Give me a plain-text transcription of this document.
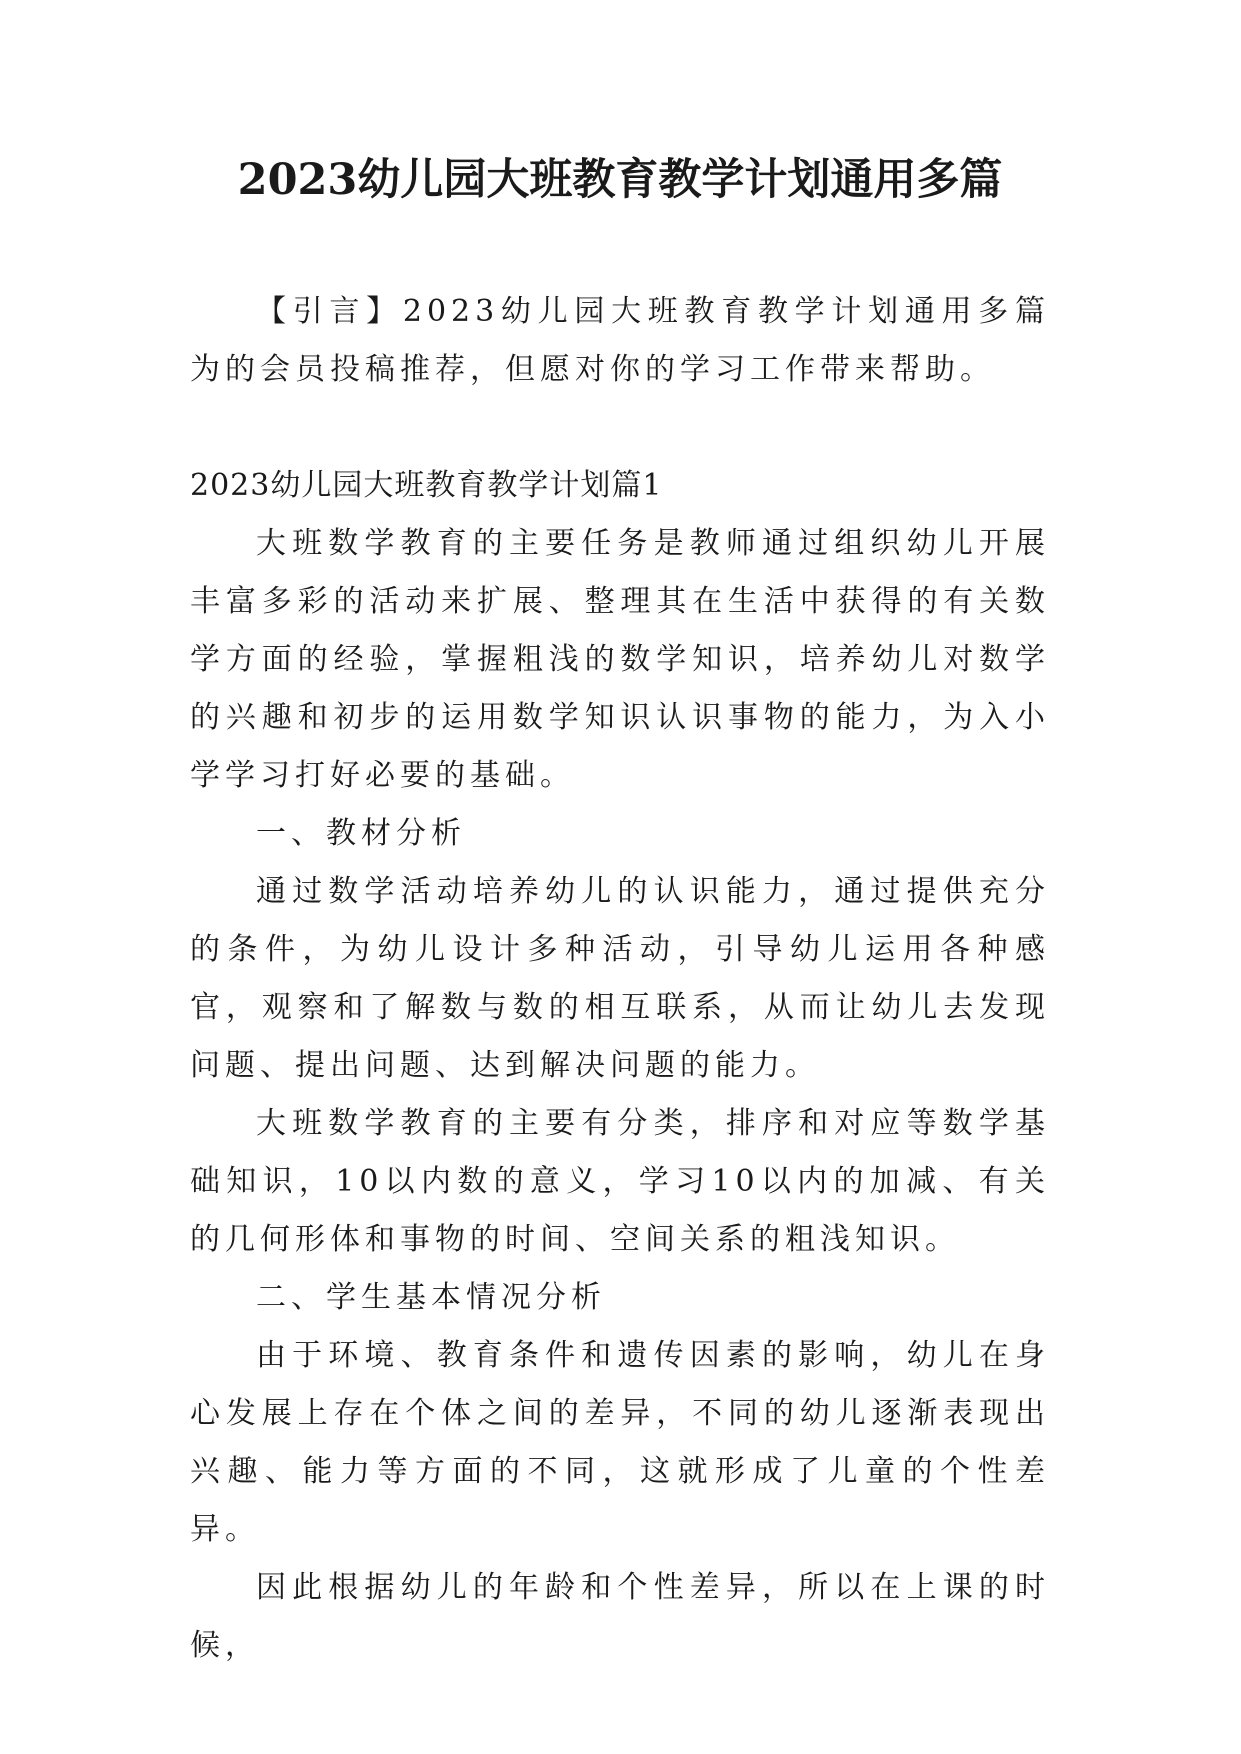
2023幼儿园大班教育教学计划通用多篇

【引言】2023幼儿园大班教育教学计划通用多篇为的会员投稿推荐，但愿对你的学习工作带来帮助。

2023幼儿园大班教育教学计划篇1

大班数学教育的主要任务是教师通过组织幼儿开展丰富多彩的活动来扩展、整理其在生活中获得的有关数学方面的经验，掌握粗浅的数学知识，培养幼儿对数学的兴趣和初步的运用数学知识认识事物的能力，为入小学学习打好必要的基础。

一、教材分析

通过数学活动培养幼儿的认识能力，通过提供充分的条件，为幼儿设计多种活动，引导幼儿运用各种感官，观察和了解数与数的相互联系，从而让幼儿去发现问题、提出问题、达到解决问题的能力。

大班数学教育的主要有分类，排序和对应等数学基础知识，10以内数的意义，学习10以内的加减、有关的几何形体和事物的时间、空间关系的粗浅知识。

二、学生基本情况分析

由于环境、教育条件和遗传因素的影响，幼儿在身心发展上存在个体之间的差异，不同的幼儿逐渐表现出兴趣、能力等方面的不同，这就形成了儿童的个性差异。

因此根据幼儿的年龄和个性差异，所以在上课的时候，
